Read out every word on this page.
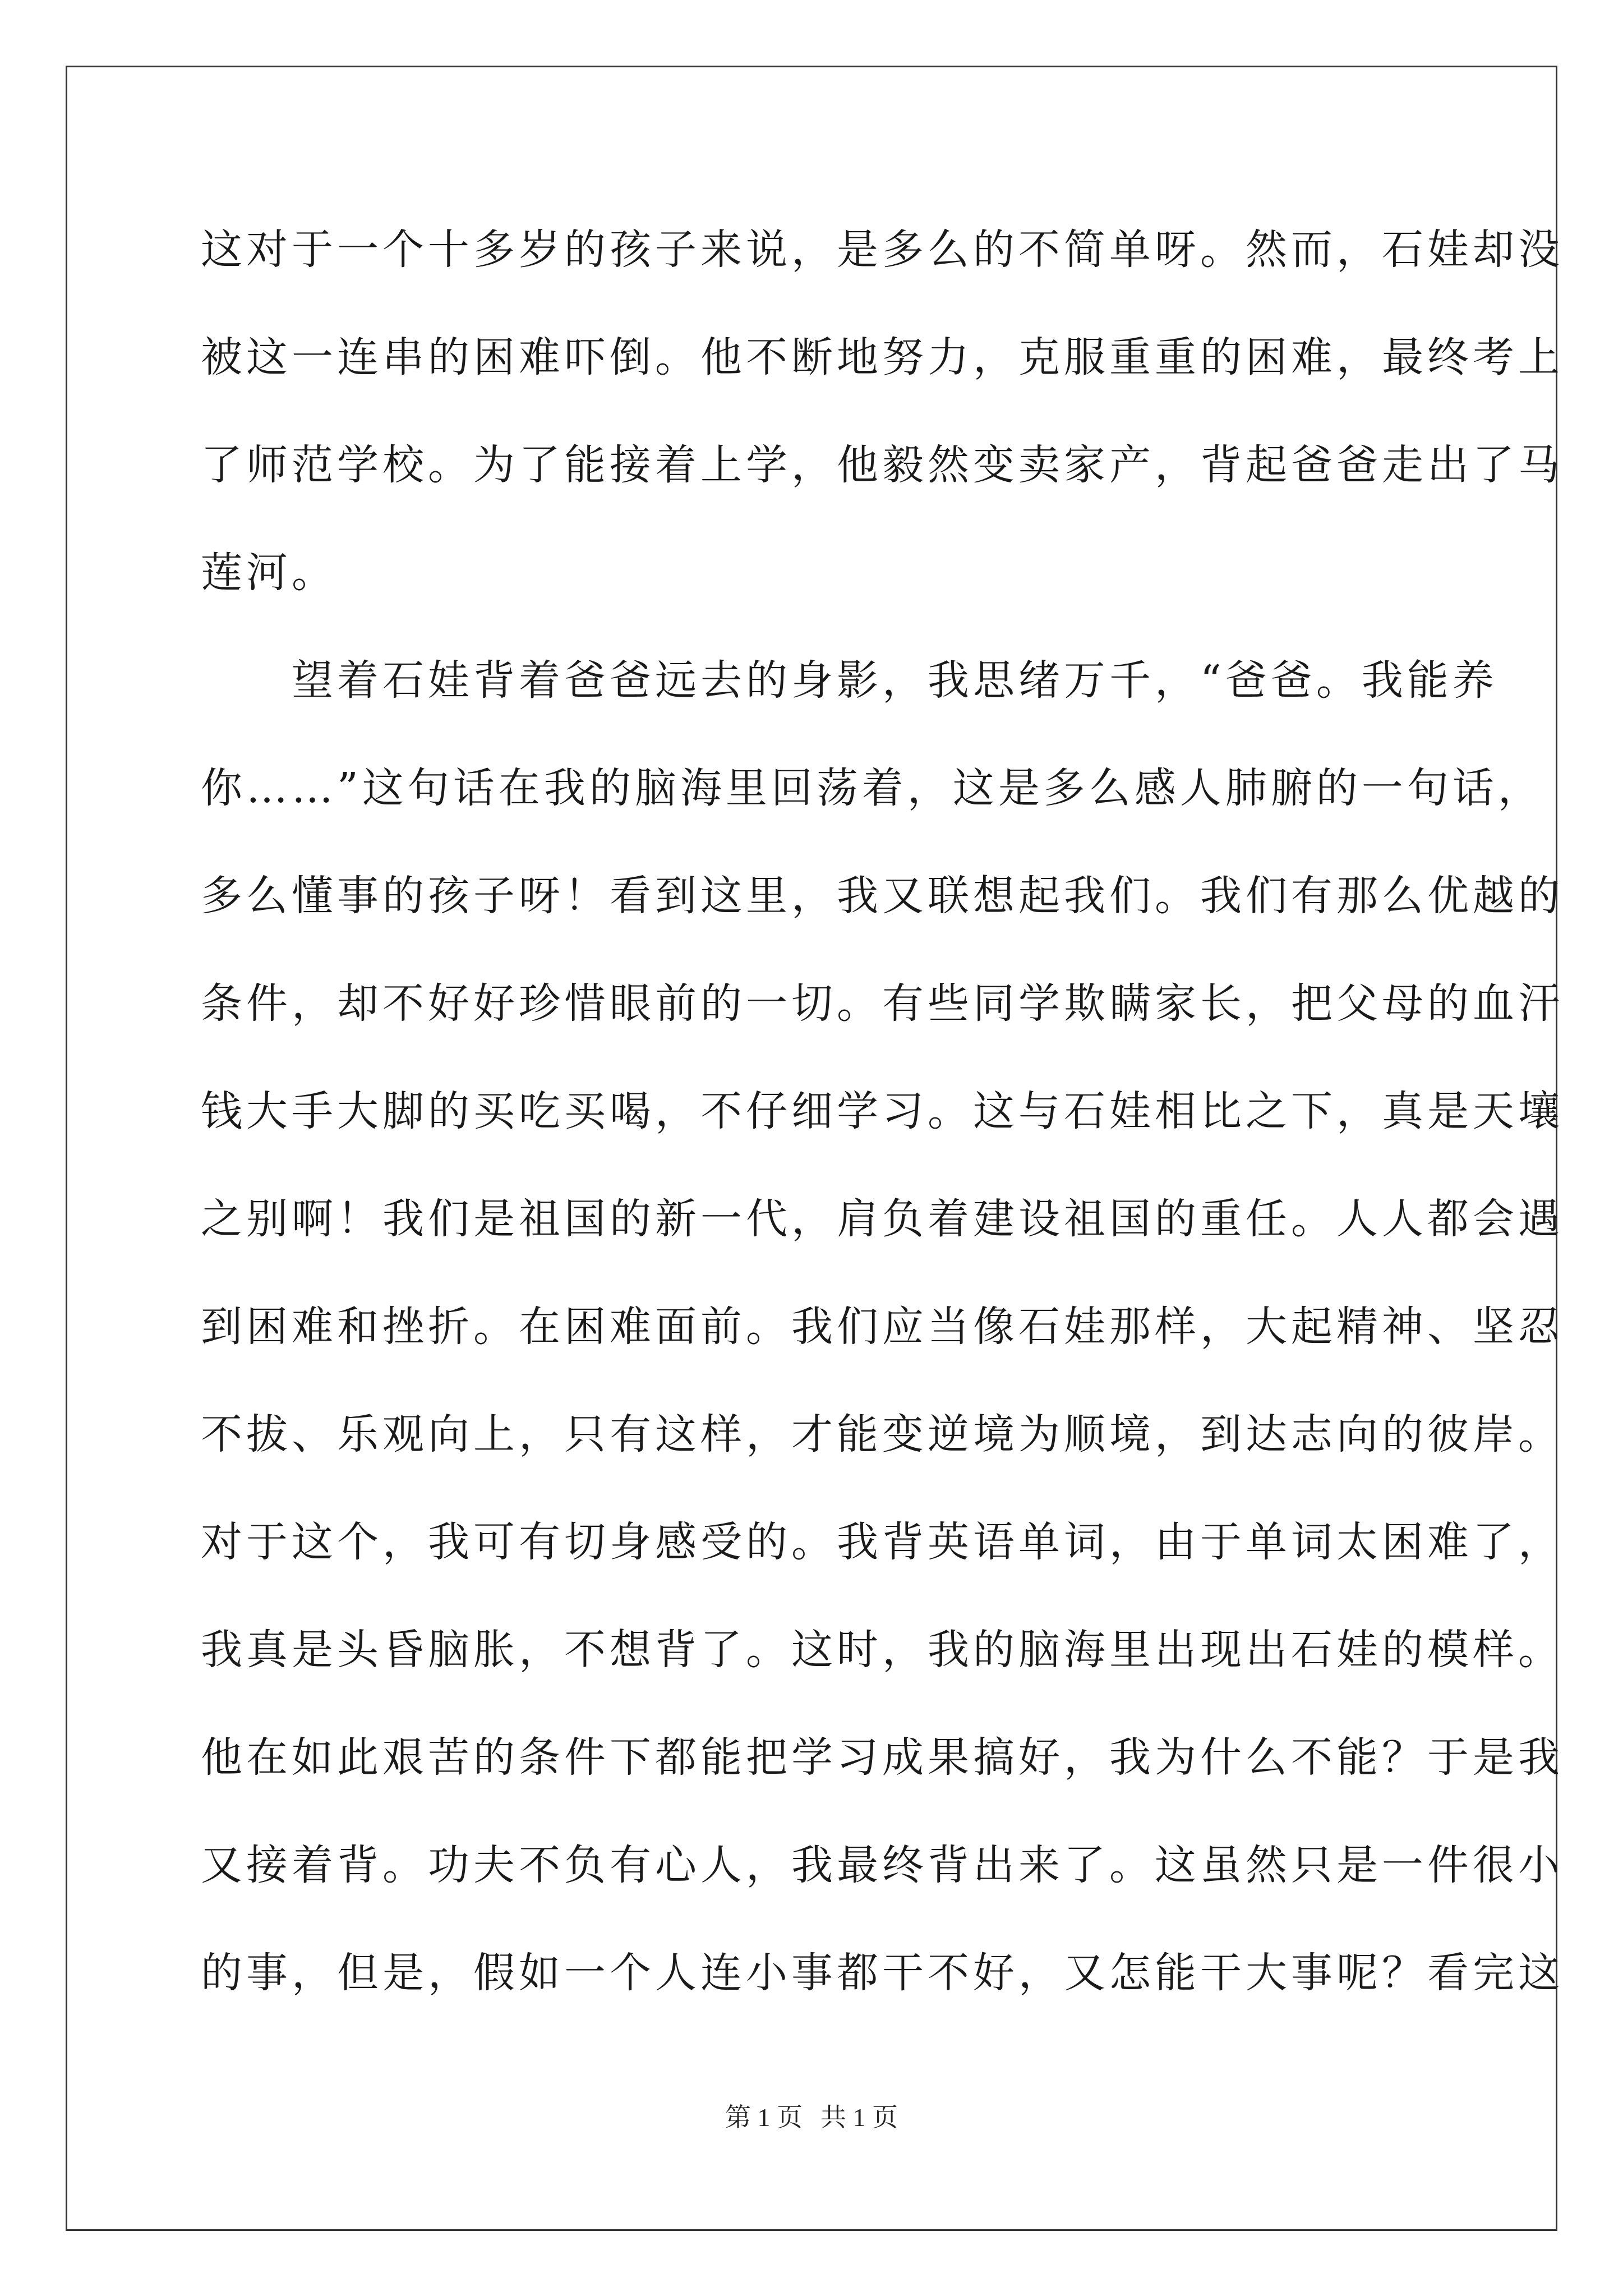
这对于一个十多岁的孩子来说，是多么的不简单呀。然而，石娃却没
被这一连串的困难吓倒。他不断地努力，克服重重的困难，最终考上
了师范学校。为了能接着上学，他毅然变卖家产，背起爸爸走出了马
莲河。
　　望着石娃背着爸爸远去的身影，我思绪万千，“爸爸。我能养
你……”这句话在我的脑海里回荡着，这是多么感人肺腑的一句话，
多么懂事的孩子呀！看到这里，我又联想起我们。我们有那么优越的
条件，却不好好珍惜眼前的一切。有些同学欺瞒家长，把父母的血汗
钱大手大脚的买吃买喝，不仔细学习。这与石娃相比之下，真是天壤
之别啊！我们是祖国的新一代，肩负着建设祖国的重任。人人都会遇
到困难和挫折。在困难面前。我们应当像石娃那样，大起精神、坚忍
不拔、乐观向上，只有这样，才能变逆境为顺境，到达志向的彼岸。
对于这个，我可有切身感受的。我背英语单词，由于单词太困难了，
我真是头昏脑胀，不想背了。这时，我的脑海里出现出石娃的模样。
他在如此艰苦的条件下都能把学习成果搞好，我为什么不能？于是我
又接着背。功夫不负有心人，我最终背出来了。这虽然只是一件很小
的事，但是，假如一个人连小事都干不好，又怎能干大事呢？看完这
第 1 页 共 1 页
